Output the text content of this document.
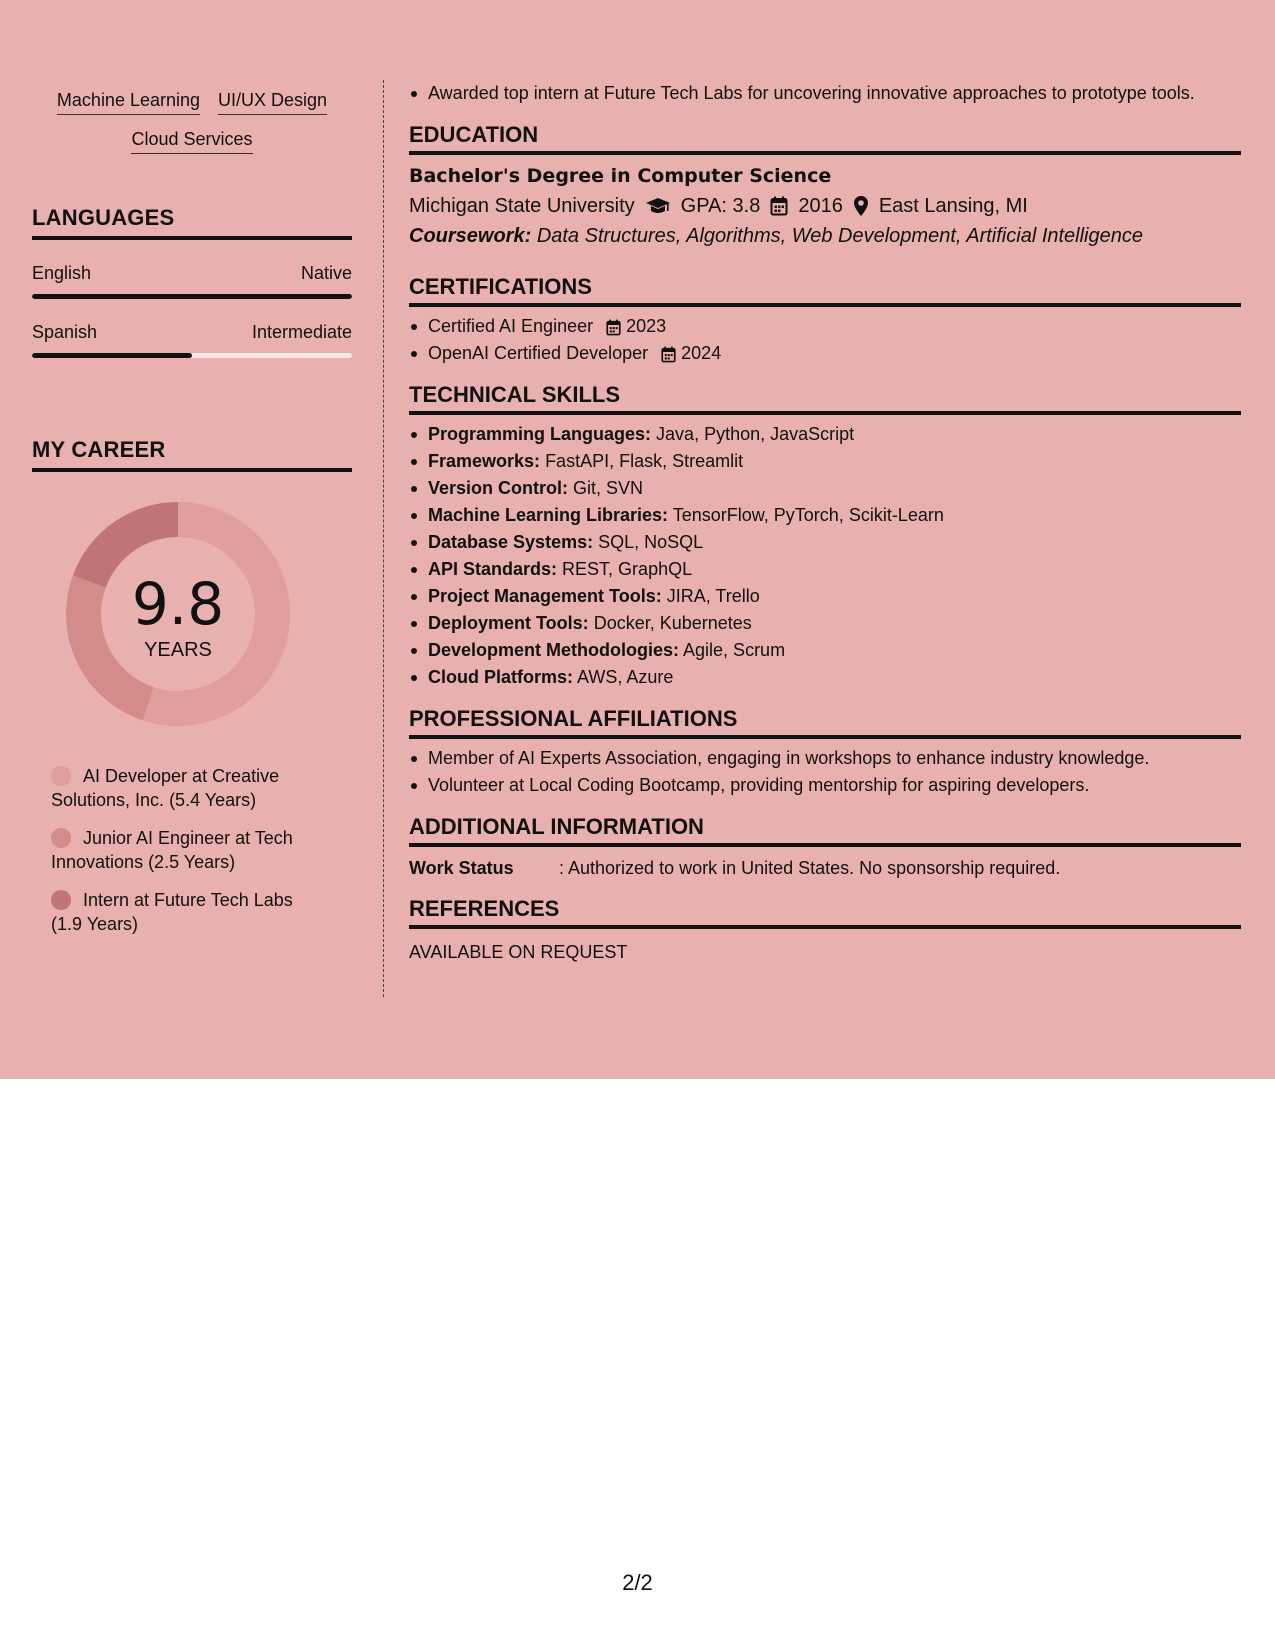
Machine Learning UI/UX Design
Cloud Services
LANGUAGES
English	Native
Spanish	Intermediate
MY CAREER
9.8
YEARS
AI Developer at Creative Solutions, Inc. (5.4 Years)
Junior AI Engineer at Tech Innovations (2.5 Years)
Intern at Future Tech Labs (1.9 Years)
Awarded top intern at Future Tech Labs for uncovering innovative approaches to prototype tools.
EDUCATION
Bachelor's Degree in Computer Science
Michigan State University GPA: 3.8 2016 East Lansing, MI
Coursework: Data Structures, Algorithms, Web Development, Artificial Intelligence
CERTIFICATIONS
Certified AI Engineer 2023
OpenAI Certified Developer 2024
TECHNICAL SKILLS
Programming Languages: Java, Python, JavaScript
Frameworks: FastAPI, Flask, Streamlit
Version Control: Git, SVN
Machine Learning Libraries: TensorFlow, PyTorch, Scikit-Learn
Database Systems: SQL, NoSQL
API Standards: REST, GraphQL
Project Management Tools: JIRA, Trello
Deployment Tools: Docker, Kubernetes
Development Methodologies: Agile, Scrum
Cloud Platforms: AWS, Azure
PROFESSIONAL AFFILIATIONS
Member of AI Experts Association, engaging in workshops to enhance industry knowledge.
Volunteer at Local Coding Bootcamp, providing mentorship for aspiring developers.
ADDITIONAL INFORMATION
Work Status	: Authorized to work in United States. No sponsorship required.
REFERENCES
AVAILABLE ON REQUEST
2/2
